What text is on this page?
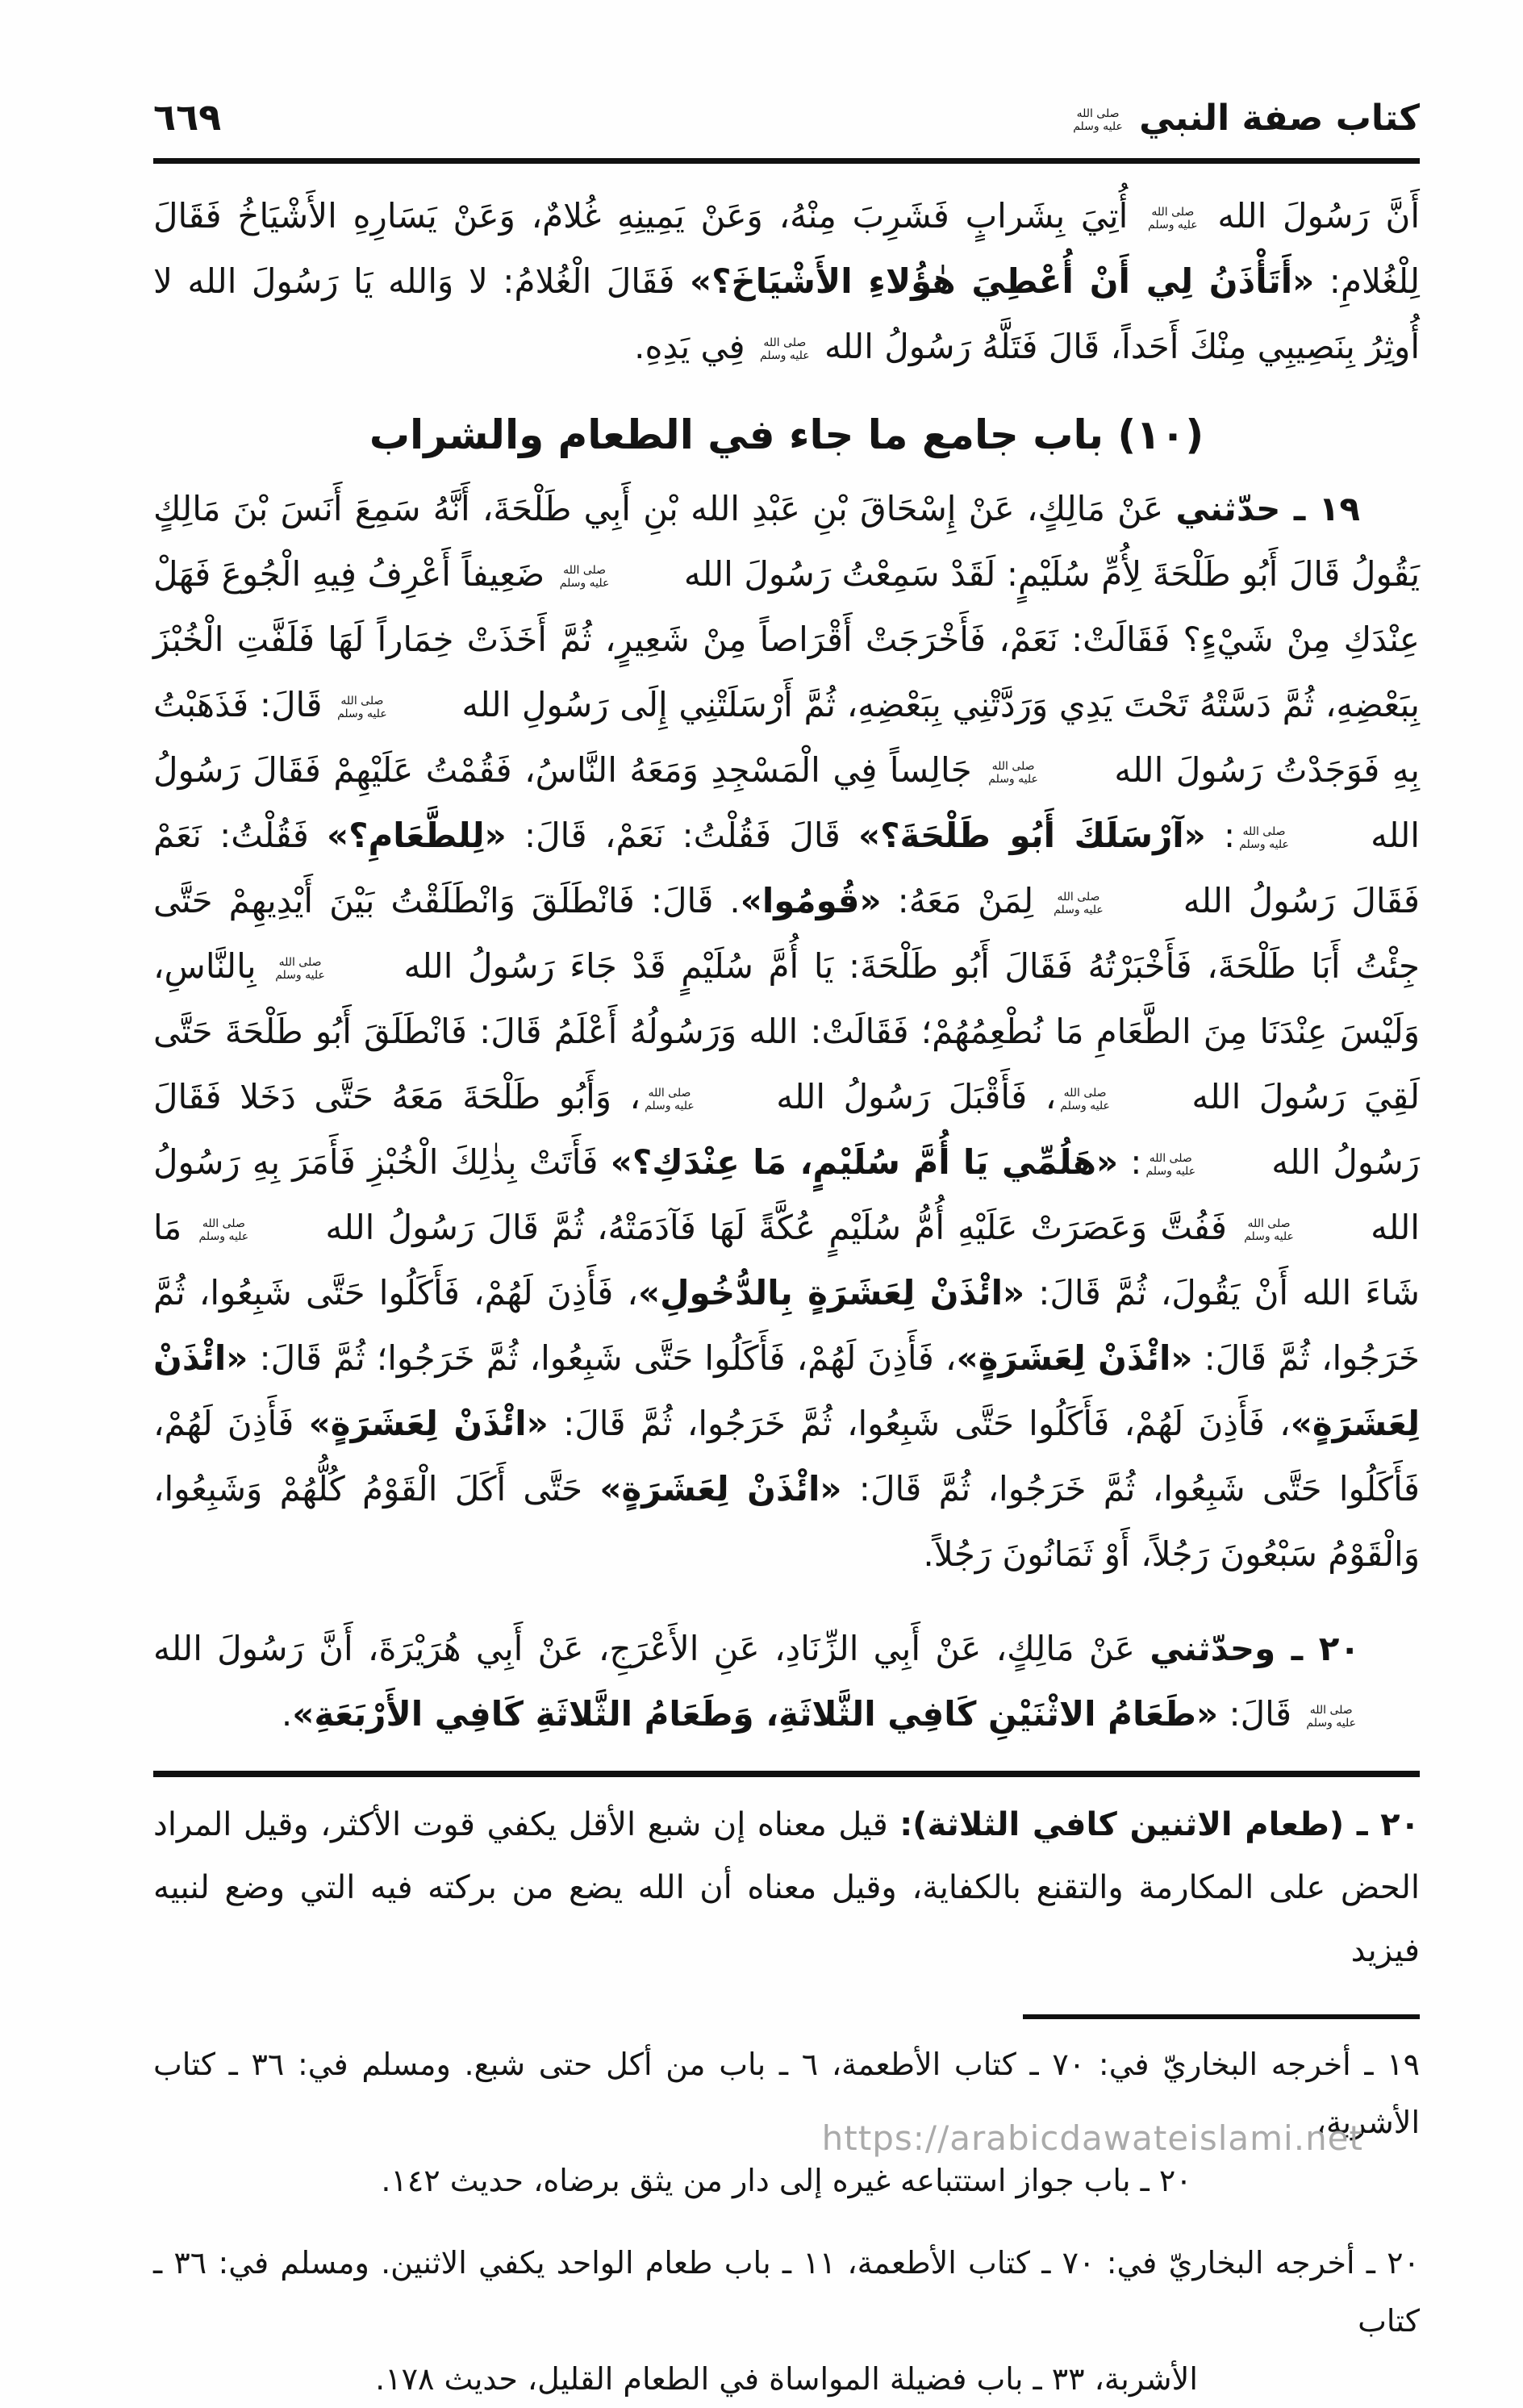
كتاب صفة النبي
صلى الله
عليه وسلم
٦٦٩

أَنَّ رَسُولَ الله
صلى الله
عليه وسلم
أُتِيَ بِشَرابٍ فَشَرِبَ مِنْهُ، وَعَنْ يَمِينِهِ غُلامٌ، وَعَنْ يَسَارِهِ الأَشْيَاخُ فَقَالَ لِلْغُلامِ: «أَتَأْذَنُ لِي أَنْ أُعْطِيَ هٰؤُلاءِ الأَشْيَاخَ؟» فَقَالَ الْغُلامُ: لا وَالله يَا رَسُولَ الله لا أُوثِرُ بِنَصِيبِي مِنْكَ أَحَداً، قَالَ فَتَلَّهُ رَسُولُ الله
صلى الله
عليه وسلم
فِي يَدِهِ.

(١٠) باب جامع ما جاء في الطعام والشراب

١٩ ـ حدّثني عَنْ مَالِكٍ، عَنْ إِسْحَاقَ بْنِ عَبْدِ الله بْنِ أَبِي طَلْحَةَ، أَنَّهُ سَمِعَ أَنَسَ بْنَ مَالِكٍ يَقُولُ قَالَ أَبُو طَلْحَةَ لِأُمِّ سُلَيْمٍ: لَقَدْ سَمِعْتُ رَسُولَ الله
صلى الله
عليه وسلم
ضَعِيفاً أَعْرِفُ فِيهِ الْجُوعَ فَهَلْ عِنْدَكِ مِنْ شَيْءٍ؟ فَقَالَتْ: نَعَمْ، فَأَخْرَجَتْ أَقْرَاصاً مِنْ شَعِيرٍ، ثُمَّ أَخَذَتْ خِمَاراً لَهَا فَلَفَّتِ الْخُبْزَ بِبَعْضِهِ، ثُمَّ دَسَّتْهُ تَحْتَ يَدِي وَرَدَّتْنِي بِبَعْضِهِ، ثُمَّ أَرْسَلَتْنِي إِلَى رَسُولِ الله
صلى الله
عليه وسلم
قَالَ: فَذَهَبْتُ بِهِ فَوَجَدْتُ رَسُولَ الله
صلى الله
عليه وسلم
جَالِساً فِي الْمَسْجِدِ وَمَعَهُ النَّاسُ، فَقُمْتُ عَلَيْهِمْ فَقَالَ رَسُولُ الله
صلى الله
عليه وسلم
: «آرْسَلَكَ أَبُو طَلْحَةَ؟» قَالَ فَقُلْتُ: نَعَمْ، قَالَ: «لِلطَّعَامِ؟» فَقُلْتُ: نَعَمْ فَقَالَ رَسُولُ الله
صلى الله
عليه وسلم
لِمَنْ مَعَهُ: «قُومُوا». قَالَ: فَانْطَلَقَ وَانْطَلَقْتُ بَيْنَ أَيْدِيهِمْ حَتَّى جِئْتُ أَبَا طَلْحَةَ، فَأَخْبَرْتُهُ فَقَالَ أَبُو طَلْحَةَ: يَا أُمَّ سُلَيْمٍ قَدْ جَاءَ رَسُولُ الله
صلى الله
عليه وسلم
بِالنَّاسِ، وَلَيْسَ عِنْدَنَا مِنَ الطَّعَامِ مَا نُطْعِمُهُمْ؛ فَقَالَتْ: الله وَرَسُولُهُ أَعْلَمُ قَالَ: فَانْطَلَقَ أَبُو طَلْحَةَ حَتَّى لَقِيَ رَسُولَ الله
صلى الله
عليه وسلم
، فَأَقْبَلَ رَسُولُ الله
صلى الله
عليه وسلم
، وَأَبُو طَلْحَةَ مَعَهُ حَتَّى دَخَلا فَقَالَ رَسُولُ الله
صلى الله
عليه وسلم
: «هَلُمِّي يَا أُمَّ سُلَيْمٍ، مَا عِنْدَكِ؟» فَأَتَتْ بِذٰلِكَ الْخُبْزِ فَأَمَرَ بِهِ رَسُولُ الله
صلى الله
عليه وسلم
فَفُتَّ وَعَصَرَتْ عَلَيْهِ أُمُّ سُلَيْمٍ عُكَّةً لَهَا فَآدَمَتْهُ، ثُمَّ قَالَ رَسُولُ الله
صلى الله
عليه وسلم
مَا شَاءَ الله أَنْ يَقُولَ، ثُمَّ قَالَ: «ائْذَنْ لِعَشَرَةٍ بِالدُّخُولِ»، فَأَذِنَ لَهُمْ، فَأَكَلُوا حَتَّى شَبِعُوا، ثُمَّ خَرَجُوا، ثُمَّ قَالَ: «ائْذَنْ لِعَشَرَةٍ»، فَأَذِنَ لَهُمْ، فَأَكَلُوا حَتَّى شَبِعُوا، ثُمَّ خَرَجُوا؛ ثُمَّ قَالَ: «ائْذَنْ لِعَشَرَةٍ»، فَأَذِنَ لَهُمْ، فَأَكَلُوا حَتَّى شَبِعُوا، ثُمَّ خَرَجُوا، ثُمَّ قَالَ: «ائْذَنْ لِعَشَرَةٍ» فَأَذِنَ لَهُمْ، فَأَكَلُوا حَتَّى شَبِعُوا، ثُمَّ خَرَجُوا، ثُمَّ قَالَ: «ائْذَنْ لِعَشَرَةٍ» حَتَّى أَكَلَ الْقَوْمُ كُلُّهُمْ وَشَبِعُوا، وَالْقَوْمُ سَبْعُونَ رَجُلاً، أَوْ ثَمَانُونَ رَجُلاً.

٢٠ ـ وحدّثني عَنْ مَالِكٍ، عَنْ أَبِي الزِّنَادِ، عَنِ الأَعْرَجِ، عَنْ أَبِي هُرَيْرَةَ، أَنَّ رَسُولَ الله
صلى الله
عليه وسلم
قَالَ: «طَعَامُ الاثْنَيْنِ كَافِي الثَّلاثَةِ، وَطَعَامُ الثَّلاثَةِ كَافِي الأَرْبَعَةِ».

٢٠ ـ (طعام الاثنين كافي الثلاثة): قيل معناه إن شبع الأقل يكفي قوت الأكثر، وقيل المراد الحض على المكارمة والتقنع بالكفاية، وقيل معناه أن الله يضع من بركته فيه التي وضع لنبيه فيزيد

١٩ ـ أخرجه البخاريّ في: ٧٠ ـ كتاب الأطعمة، ٦ ـ باب من أكل حتى شبع. ومسلم في: ٣٦ ـ كتاب الأشربة،
٢٠ ـ باب جواز استتباعه غيره إلى دار من يثق برضاه، حديث ١٤٢.
٢٠ ـ أخرجه البخاريّ في: ٧٠ ـ كتاب الأطعمة، ١١ ـ باب طعام الواحد يكفي الاثنين. ومسلم في: ٣٦ ـ كتاب
الأشربة، ٣٣ ـ باب فضيلة المواساة في الطعام القليل، حديث ١٧٨.
https://arabicdawateislami.net
